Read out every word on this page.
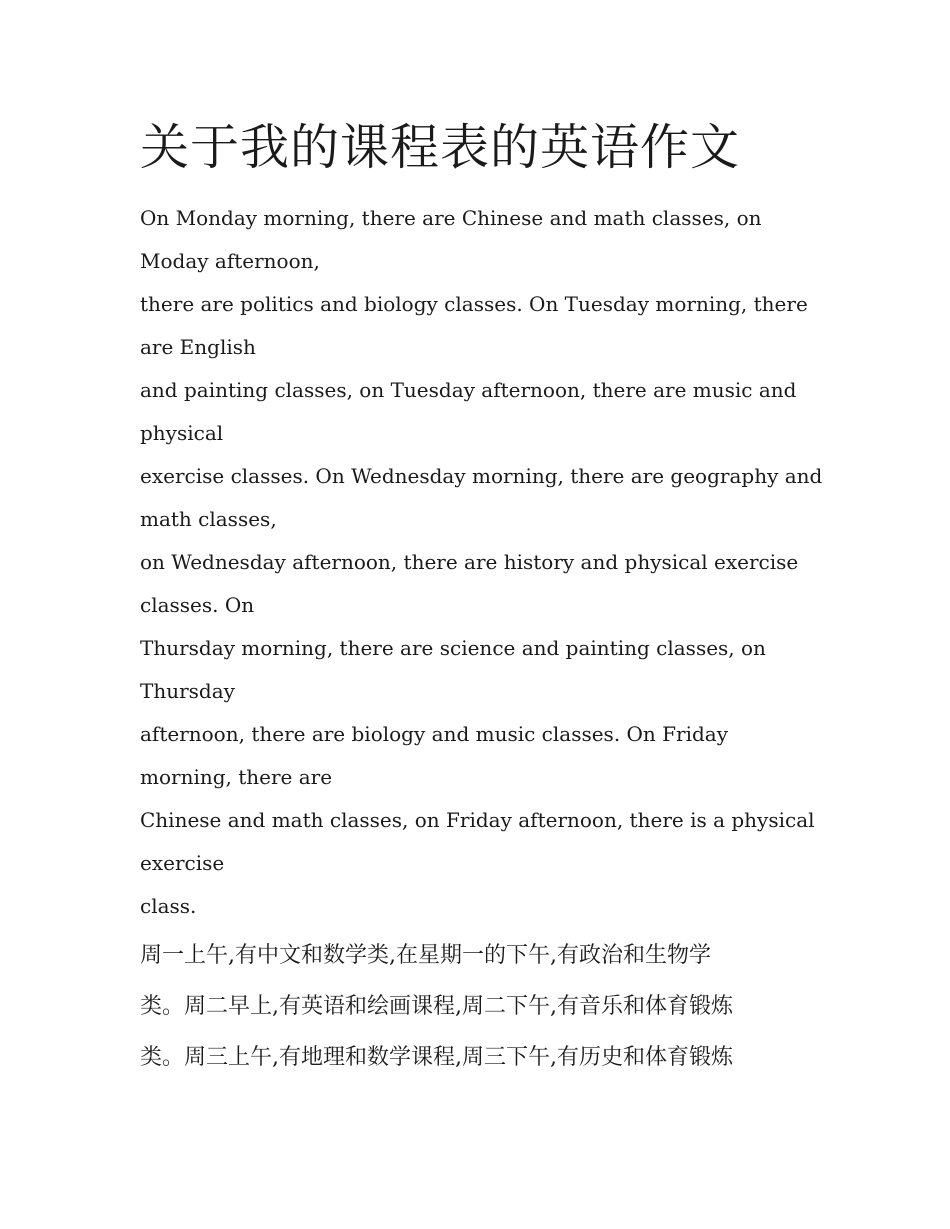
关于我的课程表的英语作文
On Monday morning, there are Chinese and math classes, on
Moday afternoon,
there are politics and biology classes. On Tuesday morning, there
are English
and painting classes, on Tuesday afternoon, there are music and
physical
exercise classes. On Wednesday morning, there are geography and
math classes,
on Wednesday afternoon, there are history and physical exercise
classes. On
Thursday morning, there are science and painting classes, on
Thursday
afternoon, there are biology and music classes. On Friday
morning, there are
Chinese and math classes, on Friday afternoon, there is a physical
exercise
class.
周一上午,有中文和数学类,在星期一的下午,有政治和生物学
类。周二早上,有英语和绘画课程,周二下午,有音乐和体育锻炼
类。周三上午,有地理和数学课程,周三下午,有历史和体育锻炼
